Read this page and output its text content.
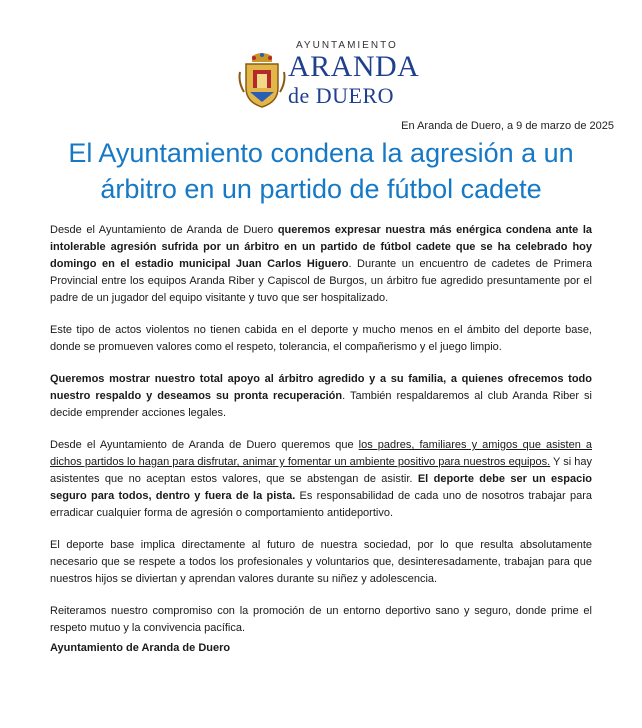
AYUNTAMIENTO
ARANDA
de DUERO
En Aranda de Duero, a 9 de marzo de 2025
El Ayuntamiento condena la agresión a un árbitro en un partido de fútbol cadete

Desde el Ayuntamiento de Aranda de Duero queremos expresar nuestra más enérgica condena ante la intolerable agresión sufrida por un árbitro en un partido de fútbol cadete que se ha celebrado hoy domingo en el estadio municipal Juan Carlos Higuero. Durante un encuentro de cadetes de Primera Provincial entre los equipos Aranda Riber y Capiscol de Burgos, un árbitro fue agredido presuntamente por el padre de un jugador del equipo visitante y tuvo que ser hospitalizado.

Este tipo de actos violentos no tienen cabida en el deporte y mucho menos en el ámbito del deporte base, donde se promueven valores como el respeto, tolerancia, el compañerismo y el juego limpio.

Queremos mostrar nuestro total apoyo al árbitro agredido y a su familia, a quienes ofrecemos todo nuestro respaldo y deseamos su pronta recuperación. También respaldaremos al club Aranda Riber si decide emprender acciones legales.

Desde el Ayuntamiento de Aranda de Duero queremos que los padres, familiares y amigos que asisten a dichos partidos lo hagan para disfrutar, animar y fomentar un ambiente positivo para nuestros equipos. Y si hay asistentes que no aceptan estos valores, que se abstengan de asistir. El deporte debe ser un espacio seguro para todos, dentro y fuera de la pista. Es responsabilidad de cada uno de nosotros trabajar para erradicar cualquier forma de agresión o comportamiento antideportivo.

El deporte base implica directamente al futuro de nuestra sociedad, por lo que resulta absolutamente necesario que se respete a todos los profesionales y voluntarios que, desinteresadamente, trabajan para que nuestros hijos se diviertan y aprendan valores durante su niñez y adolescencia.

Reiteramos nuestro compromiso con la promoción de un entorno deportivo sano y seguro, donde prime el respeto mutuo y la convivencia pacífica.

Ayuntamiento de Aranda de Duero
